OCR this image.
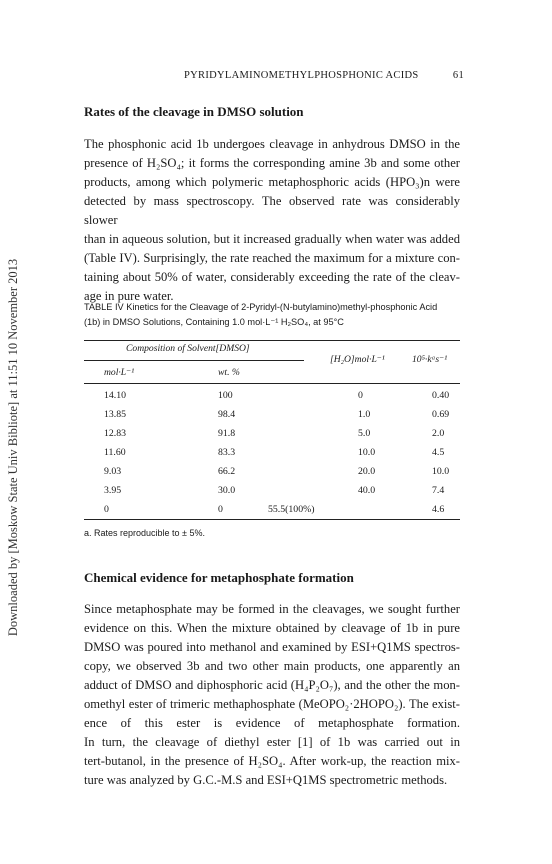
Downloaded by [Moskow State Univ Bibliote] at 11:51 10 November 2013
PYRIDYLAMINOMETHYLPHOSPHONIC ACIDS	61
Rates of the cleavage in DMSO solution

The phosphonic acid 1b undergoes cleavage in anhydrous DMSO in the

presence of H₂SO₄; it forms the corresponding amine 3b and some other

products, among which polymeric metaphosphoric acids (HPO₃)n were

detected by mass spectroscopy. The observed rate was considerably slower

than in aqueous solution, but it increased gradually when water was added

(Table IV). Surprisingly, the rate reached the maximum for a mixture con-

taining about 50% of water, considerably exceeding the rate of the cleav-

age in pure water.

TABLE IV Kinetics for the Cleavage of 2-Pyridyl-(N-butylamino)methyl-phosphonic Acid
(1b) in DMSO Solutions, Containing 1.0 mol·L⁻¹ H₂SO₄, at 95°C
Composition of Solvent[DMSO]
[H₂O]mol·L⁻¹	10⁵·kᵃs⁻¹
mol·L⁻¹	wt. %
14.10	100	0	0.40
13.85	98.4	1.0	0.69
12.83	91.8	5.0	2.0
11.60	83.3	10.0	4.5
9.03	66.2	20.0	10.0
3.95	30.0	40.0	7.4
0	0	55.5(100%)	4.6
a. Rates reproducible to ± 5%.
Chemical evidence for metaphosphate formation

Since metaphosphate may be formed in the cleavages, we sought further

evidence on this. When the mixture obtained by cleavage of 1b in pure

DMSO was poured into methanol and examined by ESI+Q1MS spectros-

copy, we observed 3b and two other main products, one apparently an

adduct of DMSO and diphosphoric acid (H₄P₂O₇), and the other the mon-

omethyl ester of trimeric methaphosphate (MeOPO₂·2HOPO₂). The exist-

ence of this ester is evidence of metaphosphate formation.

In turn, the cleavage of diethyl ester [1] of 1b was carried out in

tert-butanol, in the presence of H₂SO₄. After work-up, the reaction mix-

ture was analyzed by G.C.-M.S and ESI+Q1MS spectrometric methods.
